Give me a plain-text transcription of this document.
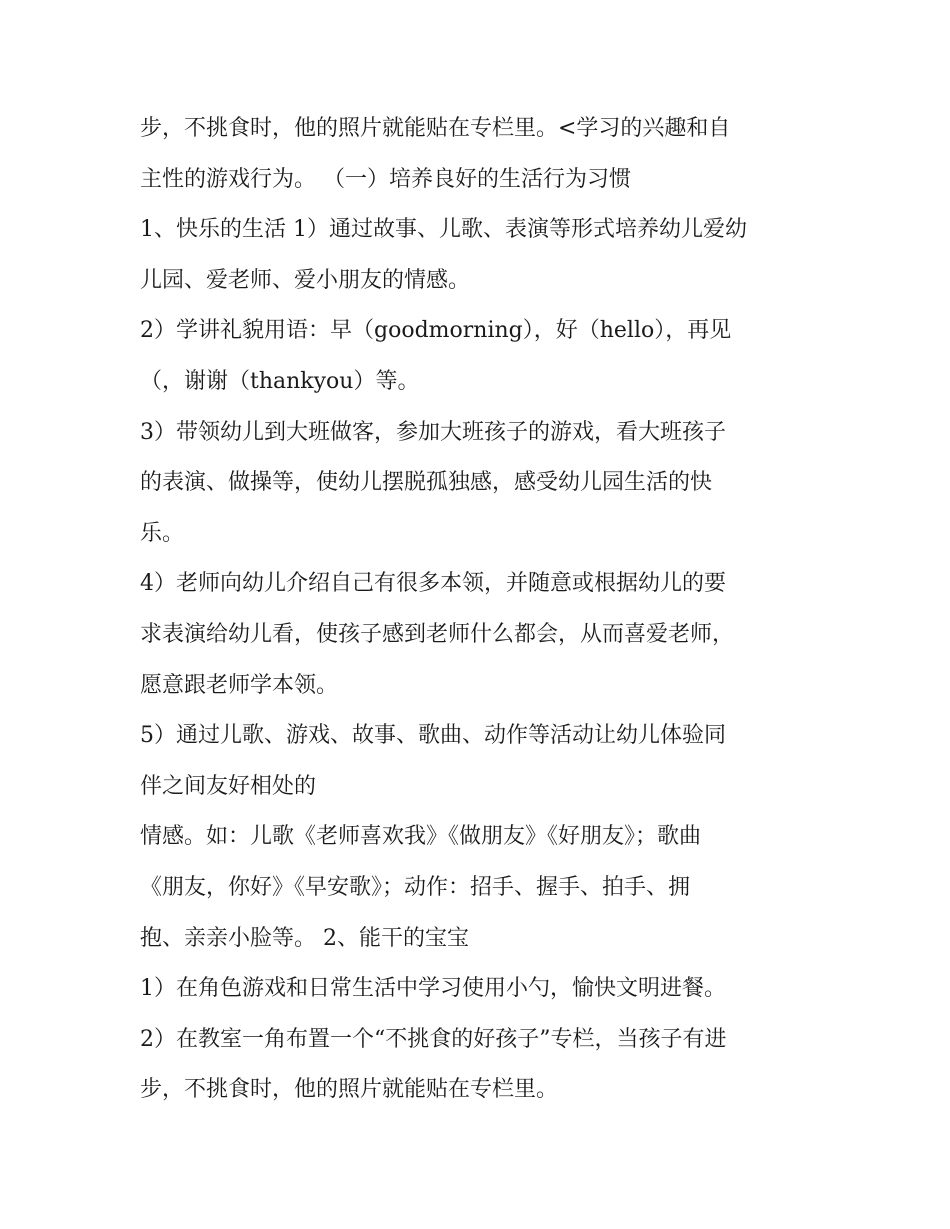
步，不挑食时，他的照片就能贴在专栏里。<学习的兴趣和自
主性的游戏行为。 （一）培养良好的生活行为习惯
1、快乐的生活 1）通过故事、儿歌、表演等形式培养幼儿爱幼
儿园、爱老师、爱小朋友的情感。
2）学讲礼貌用语：早（goodmorning），好（hello），再见
（，谢谢（thankyou）等。
3）带领幼儿到大班做客，参加大班孩子的游戏，看大班孩子
的表演、做操等，使幼儿摆脱孤独感，感受幼儿园生活的快
乐。
4）老师向幼儿介绍自己有很多本领，并随意或根据幼儿的要
求表演给幼儿看，使孩子感到老师什么都会，从而喜爱老师，
愿意跟老师学本领。
5）通过儿歌、游戏、故事、歌曲、动作等活动让幼儿体验同
伴之间友好相处的
情感。如：儿歌《老师喜欢我》《做朋友》《好朋友》；歌曲
《朋友，你好》《早安歌》；动作：招手、握手、拍手、拥
抱、亲亲小脸等。 2、能干的宝宝
1）在角色游戏和日常生活中学习使用小勺，愉快文明进餐。
2）在教室一角布置一个“不挑食的好孩子”专栏，当孩子有进
步，不挑食时，他的照片就能贴在专栏里。
